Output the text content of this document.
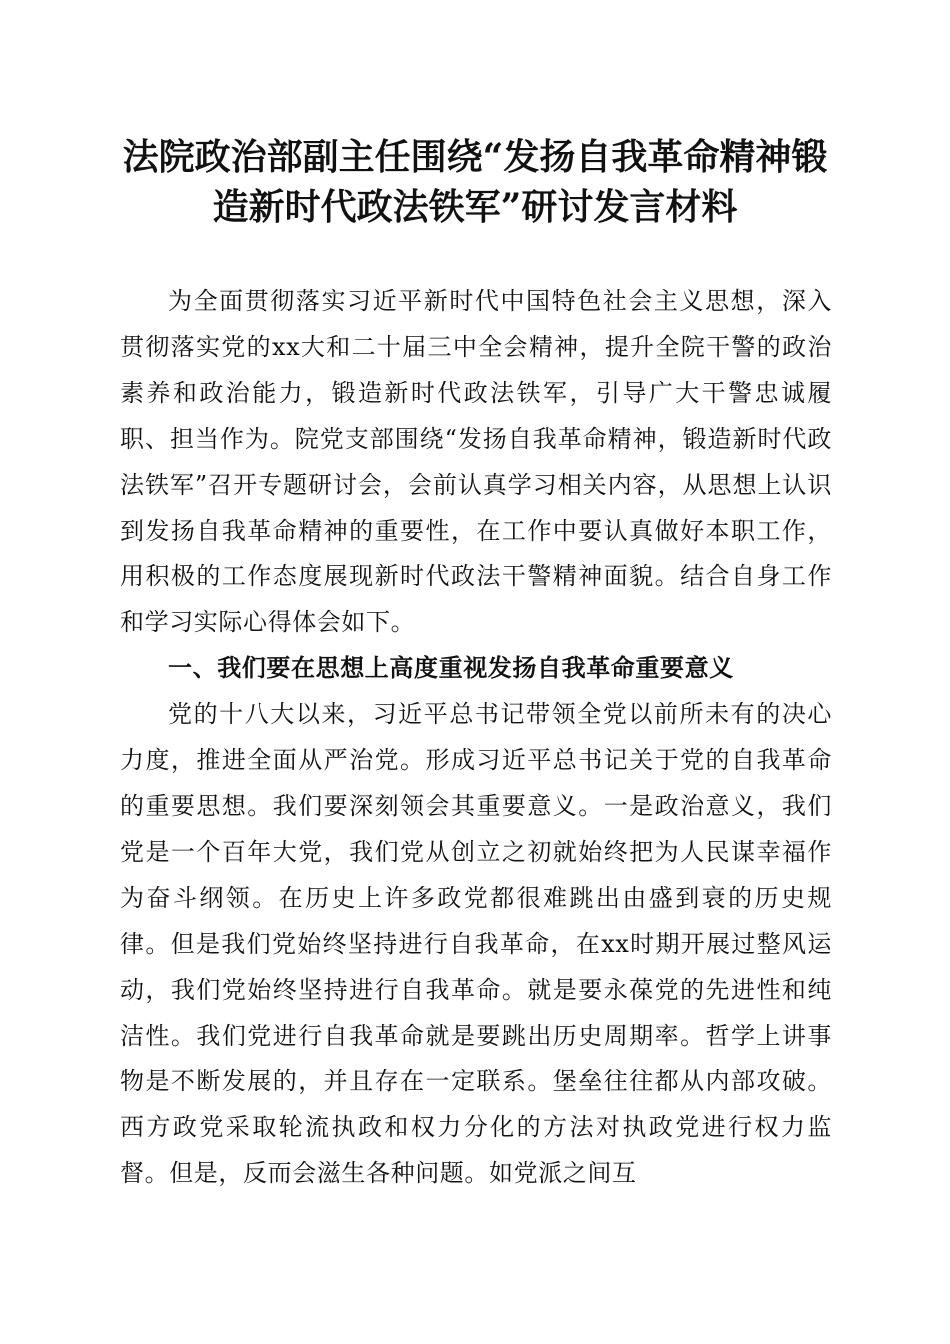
法院政治部副主任围绕“发扬自我革命精神锻
造新时代政法铁军”研讨发言材料

为全面贯彻落实习近平新时代中国特色社会主义思想，深入贯彻落实党的xx大和二十届三中全会精神，提升全院干警的政治素养和政治能力，锻造新时代政法铁军，引导广大干警忠诚履职、担当作为。院党支部围绕“发扬自我革命精神，锻造新时代政法铁军”召开专题研讨会，会前认真学习相关内容，从思想上认识到发扬自我革命精神的重要性，在工作中要认真做好本职工作，用积极的工作态度展现新时代政法干警精神面貌。结合自身工作和学习实际心得体会如下。

一、我们要在思想上高度重视发扬自我革命重要意义

党的十八大以来，习近平总书记带领全党以前所未有的决心力度，推进全面从严治党。形成习近平总书记关于党的自我革命的重要思想。我们要深刻领会其重要意义。一是政治意义，我们党是一个百年大党，我们党从创立之初就始终把为人民谋幸福作为奋斗纲领。在历史上许多政党都很难跳出由盛到衰的历史规律。但是我们党始终坚持进行自我革命，在xx时期开展过整风运动，我们党始终坚持进行自我革命。就是要永葆党的先进性和纯洁性。我们党进行自我革命就是要跳出历史周期率。哲学上讲事物是不断发展的，并且存在一定联系。堡垒往往都从内部攻破。西方政党采取轮流执政和权力分化的方法对执政党进行权力监督。但是，反而会滋生各种问题。如党派之间互
